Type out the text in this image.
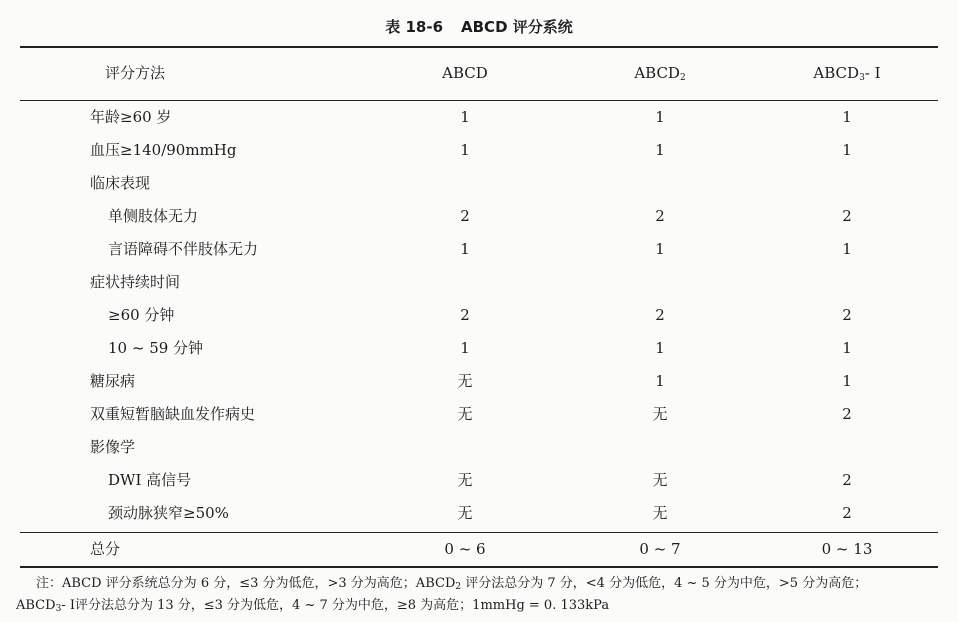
表 18-6 ABCD 评分系统
评分方法	ABCD	$ABCD_2$	$ABCD_3-$ Ⅰ
年龄≥60 岁	1	1	1
血压≥140/90mmHg	1	1	1
临床表现
单侧肢体无力	2	2	2
言语障碍不伴肢体无力	1	1	1
症状持续时间
≥60 分钟	2	2	2
10 ~ 59 分钟	1	1	1
糖尿病	无	1	1
双重短暂脑缺血发作病史	无	无	2
影像学
DWI 高信号	无	无	2
颈动脉狭窄≥50%	无	无	2
总分	0 ~ 6	0 ~ 7	0 ~ 13
注：ABCD 评分系统总分为 6 分，≤3 分为低危，>3 分为高危；$ABCD_2$ 评分法总分为 7 分，<4 分为低危，4 ~ 5 分为中危，>5 分为高危；
$ABCD_3-$ Ⅰ评分法总分为 13 分，≤3 分为低危，4 ~ 7 分为中危，≥8 为高危；1mmHg = 0. 133kPa
